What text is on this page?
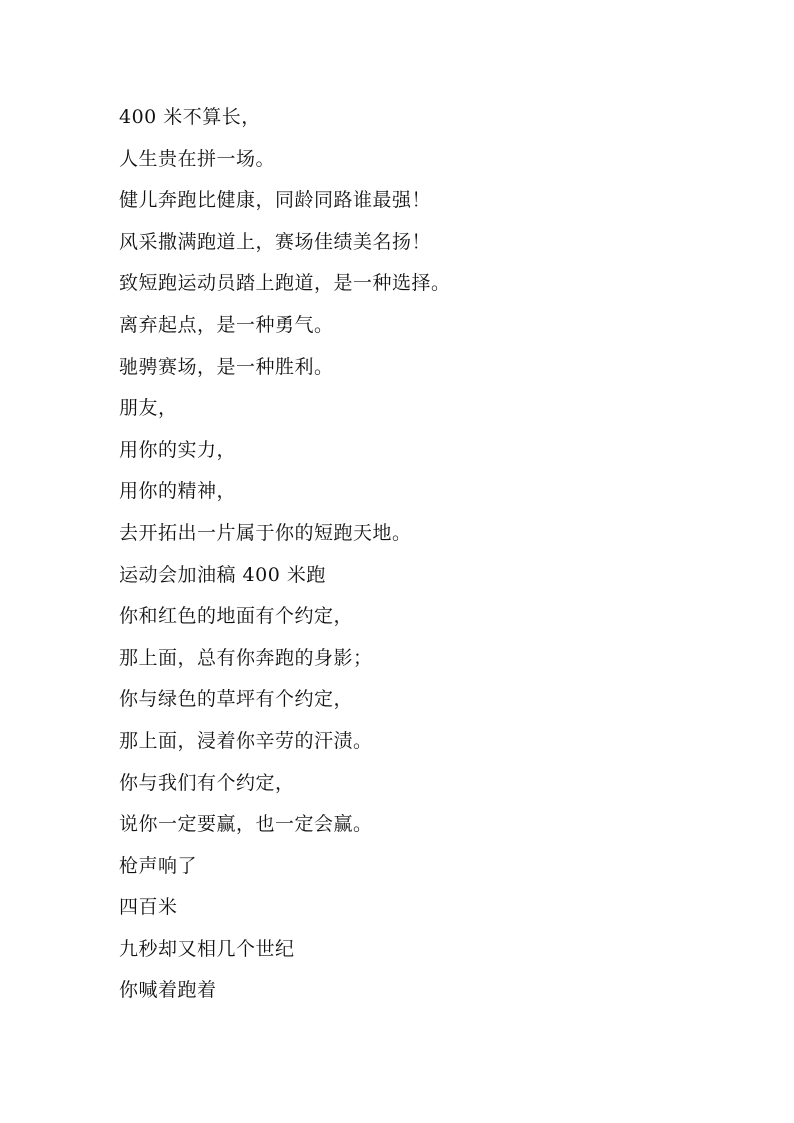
400 米不算长，
人生贵在拼一场。
健儿奔跑比健康，同龄同路谁最强！
风采撒满跑道上，赛场佳绩美名扬！
致短跑运动员踏上跑道，是一种选择。
离弃起点，是一种勇气。
驰骋赛场，是一种胜利。
朋友，
用你的实力，
用你的精神，
去开拓出一片属于你的短跑天地。
运动会加油稿 400 米跑
你和红色的地面有个约定，
那上面，总有你奔跑的身影；
你与绿色的草坪有个约定，
那上面，浸着你辛劳的汗渍。
你与我们有个约定，
说你一定要赢，也一定会赢。
枪声响了
四百米
九秒却又相几个世纪
你喊着跑着
